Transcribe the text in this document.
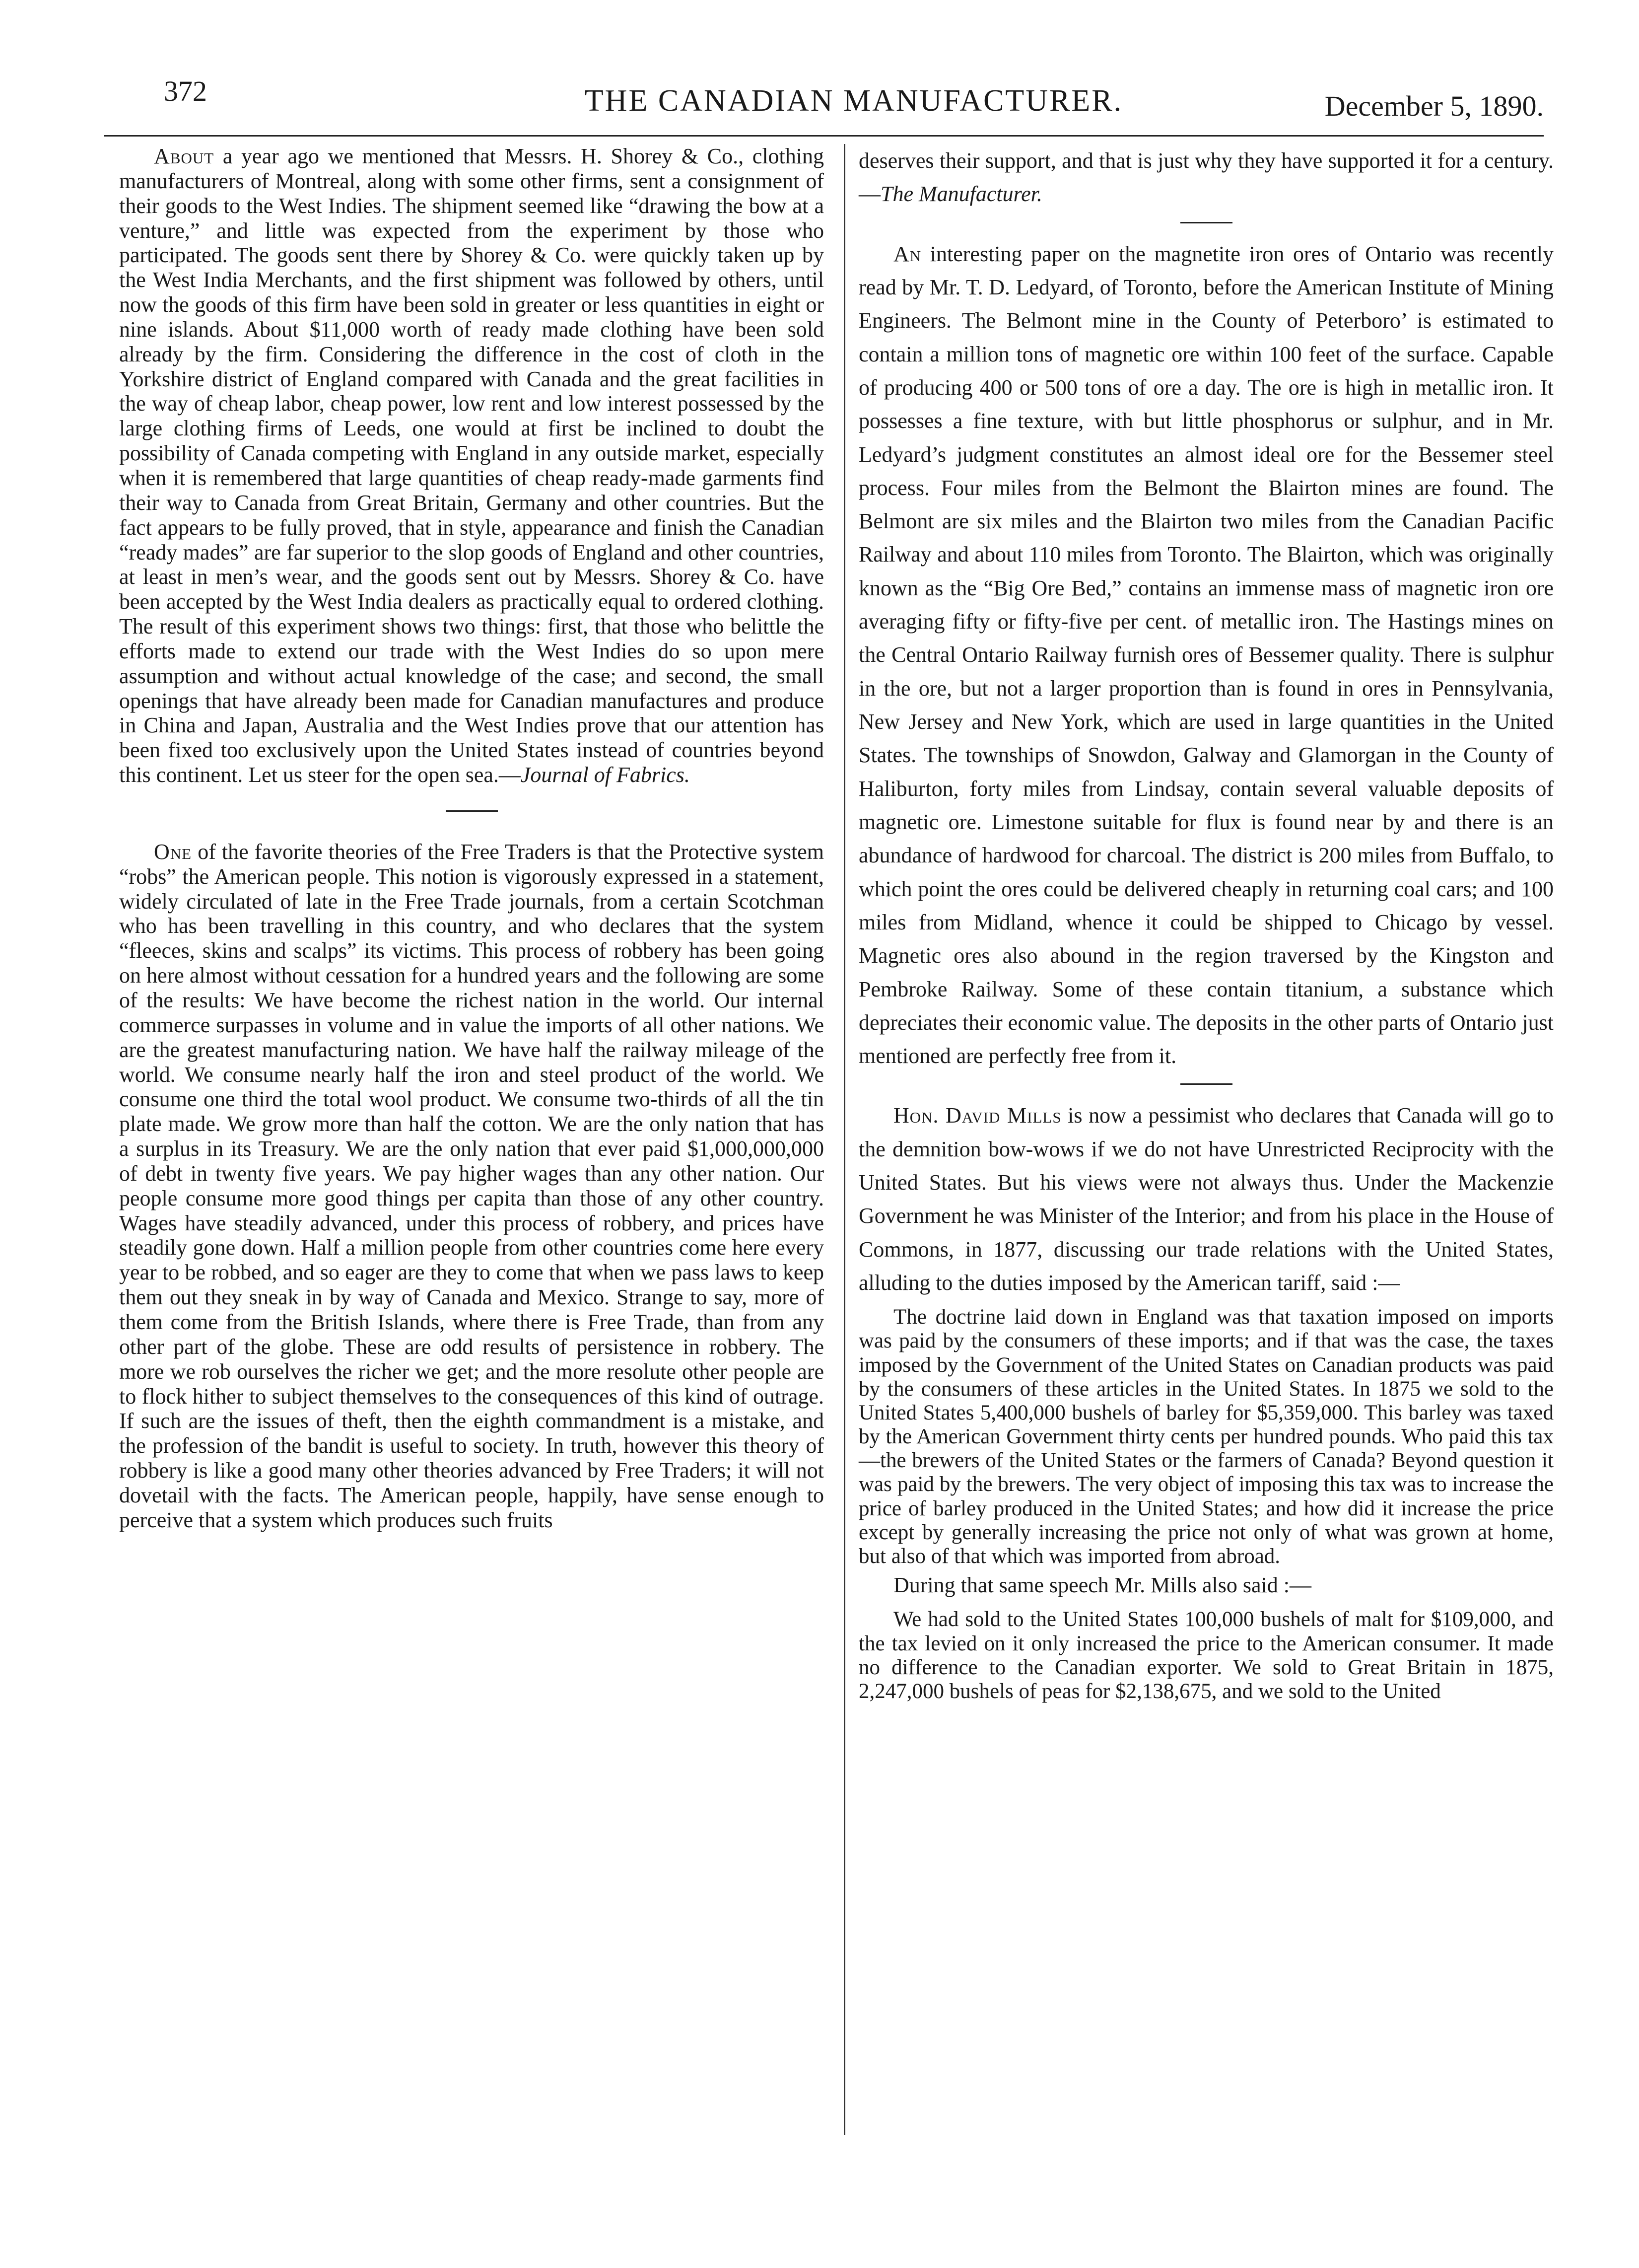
372	THE CANADIAN MANUFACTURER.	December 5, 1890.

About a year ago we mentioned that Messrs. H. Shorey & Co., clothing manufacturers of Montreal, along with some other firms, sent a consignment of their goods to the West Indies. The shipment seemed like “drawing the bow at a venture,” and little was expected from the experiment by those who participated. The goods sent there by Shorey & Co. were quickly taken up by the West India Merchants, and the first shipment was followed by others, until now the goods of this firm have been sold in greater or less quantities in eight or nine islands. About $11,000 worth of ready made clothing have been sold already by the firm. Considering the difference in the cost of cloth in the Yorkshire district of England compared with Canada and the great facilities in the way of cheap labor, cheap power, low rent and low interest possessed by the large clothing firms of Leeds, one would at first be inclined to doubt the possibility of Canada competing with England in any outside market, especially when it is remembered that large quantities of cheap ready-made garments find their way to Canada from Great Britain, Germany and other countries. But the fact appears to be fully proved, that in style, appearance and finish the Canadian “ready mades” are far superior to the slop goods of England and other countries, at least in men’s wear, and the goods sent out by Messrs. Shorey & Co. have been accepted by the West India dealers as practically equal to ordered clothing. The result of this experiment shows two things: first, that those who belittle the efforts made to extend our trade with the West Indies do so upon mere assumption and without actual knowledge of the case; and second, the small openings that have already been made for Canadian manufactures and produce in China and Japan, Australia and the West Indies prove that our attention has been fixed too exclusively upon the United States instead of countries beyond this continent. Let us steer for the open sea.—Journal of Fabrics.

One of the favorite theories of the Free Traders is that the Protective system “robs” the American people. This notion is vigorously expressed in a statement, widely circulated of late in the Free Trade journals, from a certain Scotchman who has been travelling in this country, and who declares that the system “fleeces, skins and scalps” its victims. This process of robbery has been going on here almost without cessation for a hundred years and the following are some of the results: We have become the richest nation in the world. Our internal commerce surpasses in volume and in value the imports of all other nations. We are the greatest manufacturing nation. We have half the railway mileage of the world. We consume nearly half the iron and steel product of the world. We consume one third the total wool product. We consume two-thirds of all the tin plate made. We grow more than half the cotton. We are the only nation that has a surplus in its Treasury. We are the only nation that ever paid $1,000,000,000 of debt in twenty five years. We pay higher wages than any other nation. Our people consume more good things per capita than those of any other country. Wages have steadily advanced, under this process of robbery, and prices have steadily gone down. Half a million people from other countries come here every year to be robbed, and so eager are they to come that when we pass laws to keep them out they sneak in by way of Canada and Mexico. Strange to say, more of them come from the British Islands, where there is Free Trade, than from any other part of the globe. These are odd results of persistence in robbery. The more we rob ourselves the richer we get; and the more resolute other people are to flock hither to subject themselves to the consequences of this kind of outrage. If such are the issues of theft, then the eighth commandment is a mistake, and the profession of the bandit is useful to society. In truth, however this theory of robbery is like a good many other theories advanced by Free Traders; it will not dovetail with the facts. The American people, happily, have sense enough to perceive that a system which produces such fruits

deserves their support, and that is just why they have supported it for a century.—The Manufacturer.

An interesting paper on the magnetite iron ores of Ontario was recently read by Mr. T. D. Ledyard, of Toronto, before the American Institute of Mining Engineers. The Belmont mine in the County of Peterboro’ is estimated to contain a million tons of magnetic ore within 100 feet of the surface. Capable of producing 400 or 500 tons of ore a day. The ore is high in metallic iron. It possesses a fine texture, with but little phosphorus or sulphur, and in Mr. Ledyard’s judgment constitutes an almost ideal ore for the Bessemer steel process. Four miles from the Belmont the Blairton mines are found. The Belmont are six miles and the Blairton two miles from the Canadian Pacific Railway and about 110 miles from Toronto. The Blairton, which was originally known as the “Big Ore Bed,” contains an immense mass of magnetic iron ore averaging fifty or fifty-five per cent. of metallic iron. The Hastings mines on the Central Ontario Railway furnish ores of Bessemer quality. There is sulphur in the ore, but not a larger proportion than is found in ores in Pennsylvania, New Jersey and New York, which are used in large quantities in the United States. The townships of Snowdon, Galway and Glamorgan in the County of Haliburton, forty miles from Lindsay, contain several valuable deposits of magnetic ore. Limestone suitable for flux is found near by and there is an abundance of hardwood for charcoal. The district is 200 miles from Buffalo, to which point the ores could be delivered cheaply in returning coal cars; and 100 miles from Midland, whence it could be shipped to Chicago by vessel. Magnetic ores also abound in the region traversed by the Kingston and Pembroke Railway. Some of these contain titanium, a substance which depreciates their economic value. The deposits in the other parts of Ontario just mentioned are perfectly free from it.

Hon. David Mills is now a pessimist who declares that Canada will go to the demnition bow-wows if we do not have Unrestricted Reciprocity with the United States. But his views were not always thus. Under the Mackenzie Government he was Minister of the Interior; and from his place in the House of Commons, in 1877, discussing our trade relations with the United States, alluding to the duties imposed by the American tariff, said :—

The doctrine laid down in England was that taxation imposed on imports was paid by the consumers of these imports; and if that was the case, the taxes imposed by the Government of the United States on Canadian products was paid by the consumers of these articles in the United States. In 1875 we sold to the United States 5,400,000 bushels of barley for $5,359,000. This barley was taxed by the American Government thirty cents per hundred pounds. Who paid this tax—the brewers of the United States or the farmers of Canada? Beyond question it was paid by the brewers. The very object of imposing this tax was to increase the price of barley produced in the United States; and how did it increase the price except by generally increasing the price not only of what was grown at home, but also of that which was imported from abroad.

During that same speech Mr. Mills also said :—

We had sold to the United States 100,000 bushels of malt for $109,000, and the tax levied on it only increased the price to the American consumer. It made no difference to the Canadian exporter. We sold to Great Britain in 1875, 2,247,000 bushels of peas for $2,138,675, and we sold to the United
